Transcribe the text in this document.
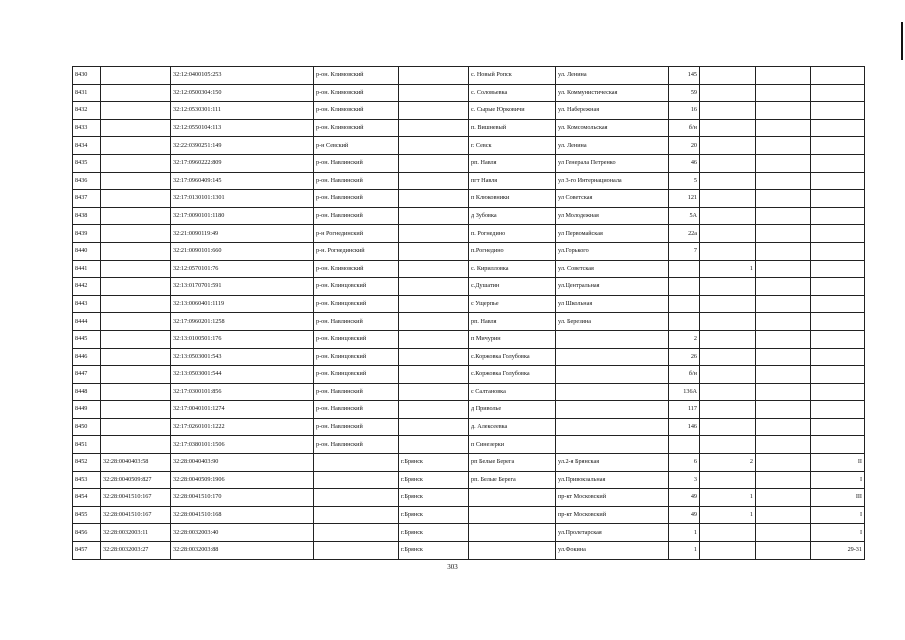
8430		32:12:0400105:253	р-он. Климовский		с. Новый Ропск	ул. Ленина	145			
8431		32:12:0500304:150	р-он. Климовский		с. Соловьевка	ул. Коммунистическая	59			
8432		32:12:0530301:111	р-он. Климовский		с. Сырые Юрковичи	ул. Набережная	16			
8433		32:12:0550104:113	р-он. Климовский		п. Вишневый	ул. Комсомольская	б/н			
8434		32:22:0390251:149	р-н Севский		г. Севск	ул. Ленина	20			
8435		32:17:0960222:809	р-он. Навлинский		рп. Навля	ул Генерала Петренко	46			
8436		32:17:0960409:145	р-он. Навлинский		пгт Навля	ул 3-го Интернационала	5			
8437		32:17:0130101:1301	р-он. Навлинский		п Клюковники	ул Советская	121			
8438		32:17:0090101:1180	р-он. Навлинский		д Зубовка	ул Молодежная	5А			
8439		32:21:0090119:49	р-н Рогнединский		п. Рогнедино	ул Первомайская	22а			
8440		32:21:0090101:660	р-н. Рогнединский		п.Рогнедино	ул.Горького	7			
8441		32:12:0570101:76	р-он. Климовский		с. Кирилловка	ул. Советская		1		
8442		32:13:0170701:591	р-он. Клинцовский		с.Душатин	ул.Центральная				
8443		32:13:0060401:1119	р-он. Клинцовский		с Ущерпье	ул Школьная				
8444		32:17:0960201:1258	р-он. Навлинский		рп. Навля	ул. Березина				
8445		32:13:0100501:176	р-он. Клинцовский		п Мичурин		2			
8446		32:13:0503001:543	р-он. Клинцовский		с.Коржовка Голубовка		26			
8447		32:13:0503001:544	р-он. Клинцовский		с.Коржовка Голубовка		б/н			
8448		32:17:0300101:856	р-он. Навлинский		с Салтановка		136А			
8449		32:17:0040101:1274	р-он. Навлинский		д Приволье		117			
8450		32:17:0260101:1222	р-он. Навлинский		д. Алексеевка		146			
8451		32:17:0380101:1506	р-он. Навлинский		п Синезерки					
8452	32:28:0040403:58	32:28:0040403:90		г.Брянск	рп Белые Берега	ул.2-я Брянская	6	2		II
8453	32:28:0040509:827	32:28:0040509:1906		г.Брянск	рп. Белые Берега	ул.Привокзальная	3			I
8454	32:28:0041510:167	32:28:0041510:170		г.Брянск		пр-кт Московский	49	1		III
8455	32:28:0041510:167	32:28:0041510:168		г.Брянск		пр-кт Московский	49	1		I
8456	32:28:0032003:11	32:28:0032003:40		г.Брянск		ул.Пролетарская	1			I
8457	32:28:0032003:27	32:28:0032003:88		г.Брянск		ул.Фокина	1			29-31
303
